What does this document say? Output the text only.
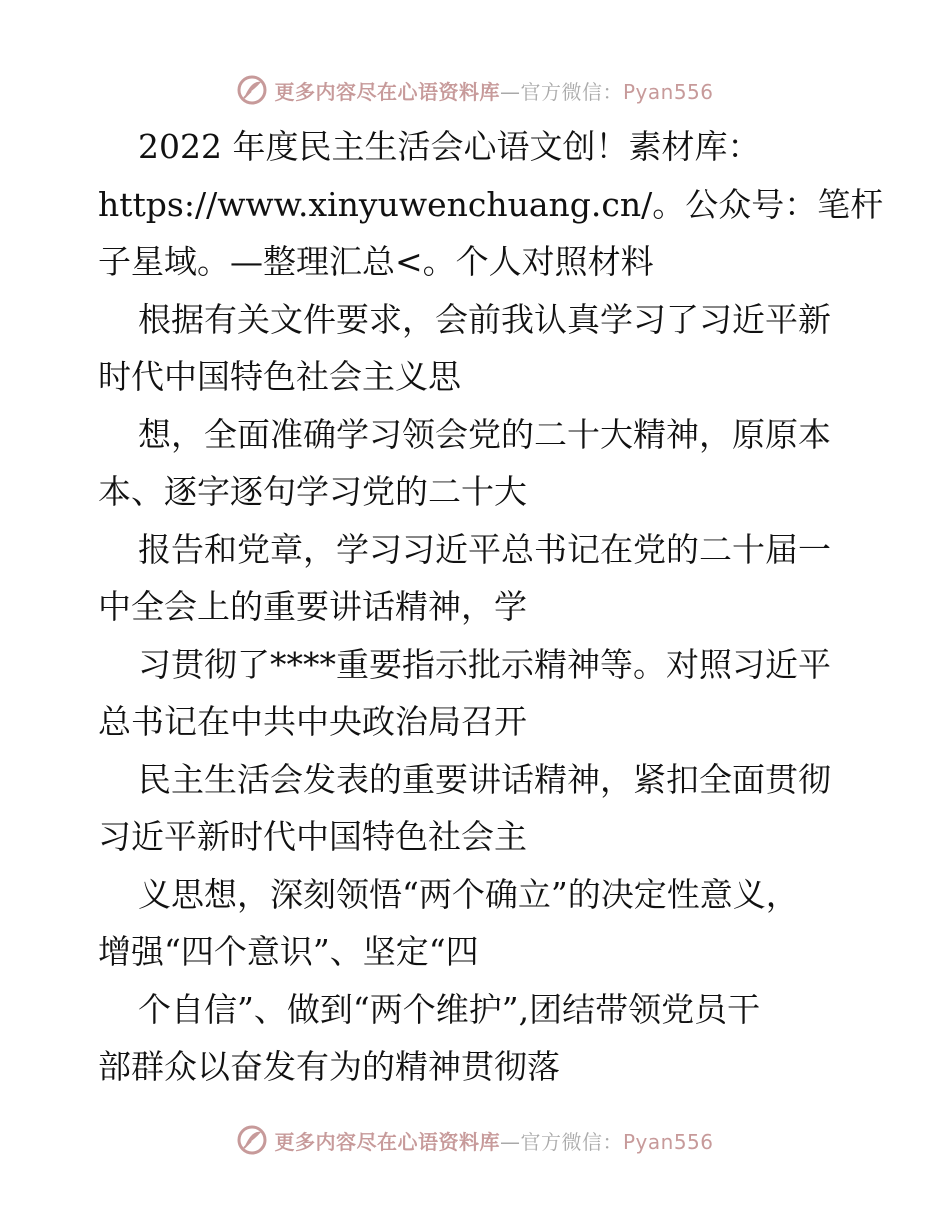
更多内容尽在心语资料库—官方微信：Pyan556
2022 年度民主生活会心语文创！素材库：
https://www.xinyuwenchuang.cn/。公众号：笔杆
子星域。—整理汇总<。个人对照材料
根据有关文件要求，会前我认真学习了习近平新
时代中国特色社会主义思
想，全面准确学习领会党的二十大精神，原原本
本、逐字逐句学习党的二十大
报告和党章，学习习近平总书记在党的二十届一
中全会上的重要讲话精神，学
习贯彻了****重要指示批示精神等。对照习近平
总书记在中共中央政治局召开
民主生活会发表的重要讲话精神，紧扣全面贯彻
习近平新时代中国特色社会主
义思想，深刻领悟“两个确立”的决定性意义，
增强“四个意识”、坚定“四
个自信”、做到“两个维护”,团结带领党员干
部群众以奋发有为的精神贯彻落
更多内容尽在心语资料库—官方微信：Pyan556
